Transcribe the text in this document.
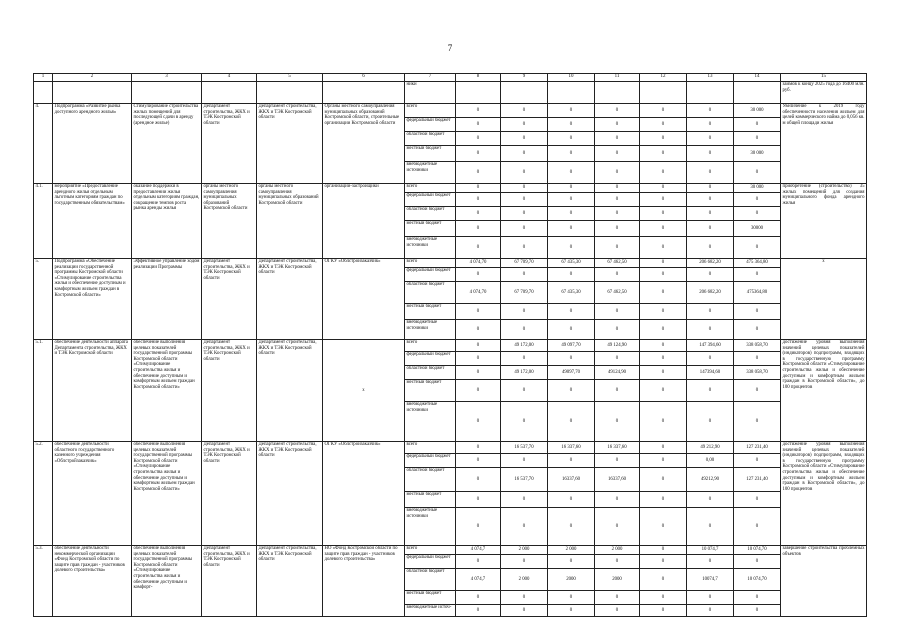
7
1	2	3	4	5	6	7	8	9	10	11	12	13	14	15
						ники								займов к концу 2025 года до 16400 млн. руб.
4.	Подпрограмма «Развитие рынка доступного арендного жилья»	Стимулирование строительства жилых помещений для последующей сдачи в аренду (арендное жилье)	Департамент строительства, ЖКХ и ТЭК Костромской области	Департамент строительства, ЖКХ и ТЭК Костромской области	Органы местного самоуправления муниципальных образований Костромской области, строительные организации Костромской области	всего	0	0	0	0	0	0	30 000	Увеличение к 2019 году обеспеченности населения жильем для целей коммерческого найма до 0,056 кв. м общей площади жилья
						федеральный бюджет	0	0	0	0	0	0	0	
						областной бюджет	0	0	0	0	0	0	0	
						местный бюджет	0	0	0	0	0	0	30 000	
						внебюджетные источники	0	0	0	0	0	0	0	
4.1.	мероприятие «Предоставление арендного жилья отдельным льготным категориям граждан по государственным обязательствам»	оказание поддержки в предоставлении жилья отдельным категориям граждан, сокращение темпов роста рынка аренды жилья	органы местного самоуправления муниципальных образований Костромской области	органы местного самоуправления муниципальных образований Костромской области	организации-застройщики	всего	0	0	0	0	0	0	30 000	приобретение (строительство) 35 жилых помещений для создания муниципального фонда арендного жилья
						федеральный бюджет	0	0	0	0	0	0	0	
						областной бюджет	0	0	0	0	0	0	0	
						местный бюджет	0	0	0	0	0	0	30000	
						внебюджетные источники	0	0	0	0	0	0	0	
5.	Подпрограмма «Обеспечение реализации государственной программы Костромской области «Стимулирование строительства жилья и обеспечение доступным и комфортным жильем граждан в Костромской области»	Эффективное управление ходом реализации Программы	Департамент строительства, ЖКХ и ТЭК Костромской области	Департамент строительства, ЖКХ и ТЭК Костромской области	ОГКУ «Облстройзаказчик»	всего	4 074,70	67 709,70	67 435,30	67 462,50	0	206 682,20	475 364,80	х
						федеральный бюджет	0	0	0	0	0	0	0	
						областной бюджет	4 074,70	67 709,70	67 435,30	67 462,50	0	206 682,20	475364,80	
						местный бюджет	0	0	0	0	0	0	0	
						внебюджетные источники	0	0	0	0	0	0	0	
5.1.	обеспечение деятельности аппарата Департамента строительства, ЖКХ и ТЭК Костромской области	обеспечение выполнения целевых показателей государственной программы Костромской области «Стимулирование строительства жилья и обеспечение доступным и комфортным жильем граждан Костромской области»	Департамент строительства, ЖКХ и ТЭК Костромской области	Департамент строительства, ЖКХ и ТЭК Костромской области	х	всего	0	49 172,00	49 097,70	49 124,90	0	147 394,60	338 058,70	достижение уровня выполнения значений целевых показателей (индикаторов) подпрограмм, входящих в государственную программу Костромской области «Стимулирование строительства жилья и обеспечение доступным и комфортным жильем граждан в Костромской области», до 100 процентов
						федеральный бюджет	0	0	0	0	0	0	0	
						областной бюджет	0	49 172,00	49097,70	49124,90	0	147394,60	338 058,70	
						местный бюджет	0	0	0	0	0	0	0	
						внебюджетные источники	0	0	0	0	0	0	0	
5.2.	обеспечение деятельности областного государственного казенного учреждения «Облстройзаказчик»	обеспечение выполнения целевых показателей государственной программы Костромской области «Стимулирование строительства жилья и обеспечение доступным и комфортным жильем граждан Костромской области»	Департамент строительства, ЖКХ и ТЭК Костромской области	Департамент строительства, ЖКХ и ТЭК Костромской области	ОГКУ «Облстройзаказчик»	всего	0	16 537,70	16 337,60	16 337,60	0	49 212,90	127 231,40	достижение уровня выполнения значений целевых показателей (индикаторов) подпрограмм, входящих в государственную программу Костромской области «Стимулирование строительства жилья и обеспечение доступным и комфортным жильем граждан в Костромской области», до 100 процентов
						федеральный бюджет	0	0	0	0	0	0,00	0	
						областной бюджет	0	16 537,70	16337,60	16337,60	0	49212,90	127 231,40	
						местный бюджет	0	0	0	0	0	0	0	
						внебюджетные источники	0	0	0	0	0	0	0	
5.3.	обеспечение деятельности некоммерческой организации «Фонд Костромской области по защите прав граждан - участников долевого строительства»	обеспечение выполнения целевых показателей государственной программы Костромской области «Стимулирование строительства жилья и обеспечение доступным и комфорт-	Департамент строительства, ЖКХ и ТЭК Костромской области	Департамент строительства, ЖКХ и ТЭК Костромской области	НО «Фонд Костромской области по защите прав граждан - участников долевого строительства»	всего	4 074,7	2 000	2 000	2 000	0	10 074,7	10 074,70	завершение строительства проблемных объектов
						федеральный бюджет	0	0	0	0	0	0	0	
						областной бюджет	4 074,7	2 000	2000	2000	0	10074,7	10 074,70	
						местный бюджет	0	0	0	0	0	0	0	
						внебюджетные источ-	0	0	0	0	0	0	0	
